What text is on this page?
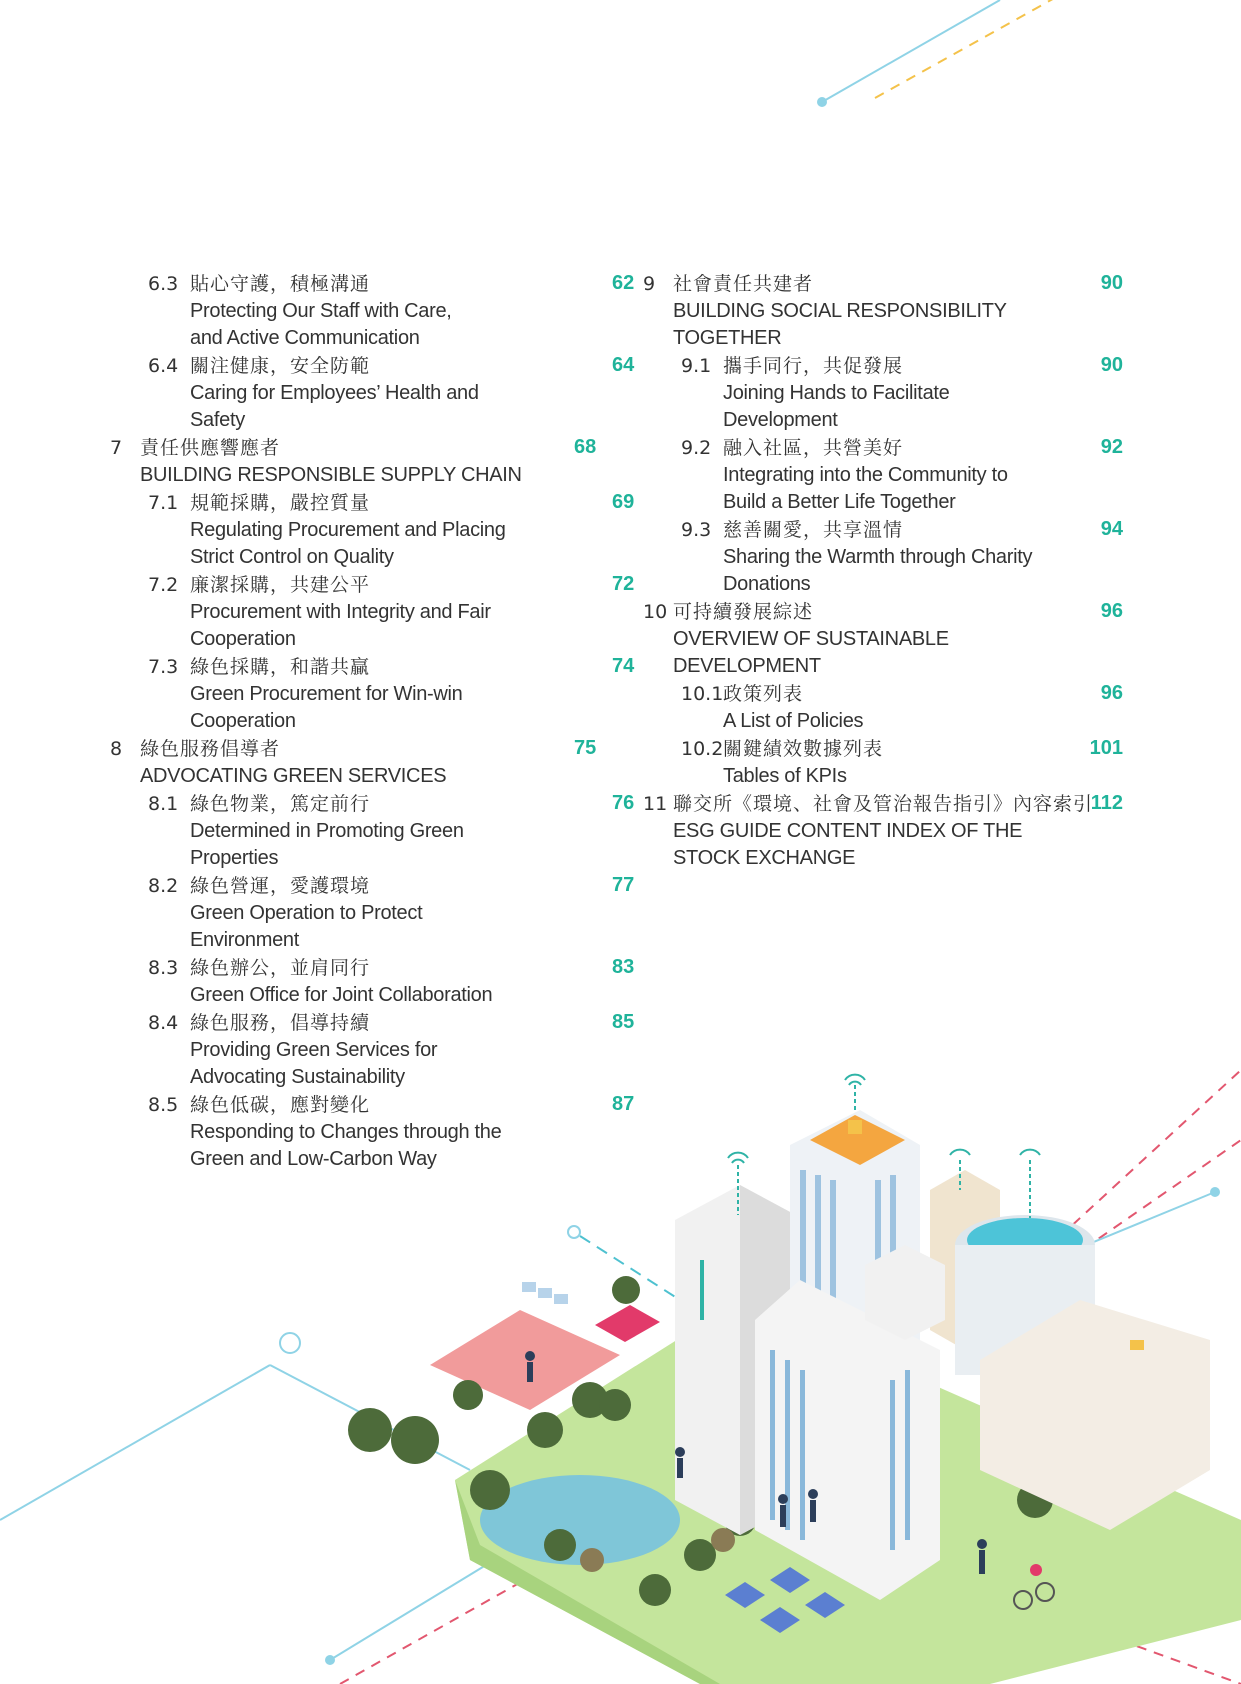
6.3 貼心守護，積極溝通
Protecting Our Staff with Care,
and Active Communication
62
6.4 關注健康，安全防範
Caring for Employees’ Health and
Safety
64
7 責任供應響應者
BUILDING RESPONSIBLE SUPPLY CHAIN
68
7.1 規範採購，嚴控質量
Regulating Procurement and Placing
Strict Control on Quality
69
7.2 廉潔採購，共建公平
Procurement with Integrity and Fair
Cooperation
72
7.3 綠色採購，和諧共贏
Green Procurement for Win-win
Cooperation
74
8 綠色服務倡導者
ADVOCATING GREEN SERVICES
75
8.1 綠色物業，篤定前行
Determined in Promoting Green
Properties
76
8.2 綠色營運，愛護環境
Green Operation to Protect
Environment
77
8.3 綠色辦公，並肩同行
Green Office for Joint Collaboration
83
8.4 綠色服務，倡導持續
Providing Green Services for
Advocating Sustainability
85
8.5 綠色低碳，應對變化
Responding to Changes through the
Green and Low-Carbon Way
87
9 社會責任共建者
BUILDING SOCIAL RESPONSIBILITY
TOGETHER
90
9.1 攜手同行，共促發展
Joining Hands to Facilitate
Development
90
9.2 融入社區，共營美好
Integrating into the Community to
Build a Better Life Together
92
9.3 慈善關愛，共享溫情
Sharing the Warmth through Charity
Donations
94
10 可持續發展綜述
OVERVIEW OF SUSTAINABLE
DEVELOPMENT
96
10.1 政策列表
A List of Policies
96
10.2 關鍵績效數據列表
Tables of KPIs
101
11 聯交所《環境、社會及管治報告指引》內容索引
ESG GUIDE CONTENT INDEX OF THE
STOCK EXCHANGE
112
